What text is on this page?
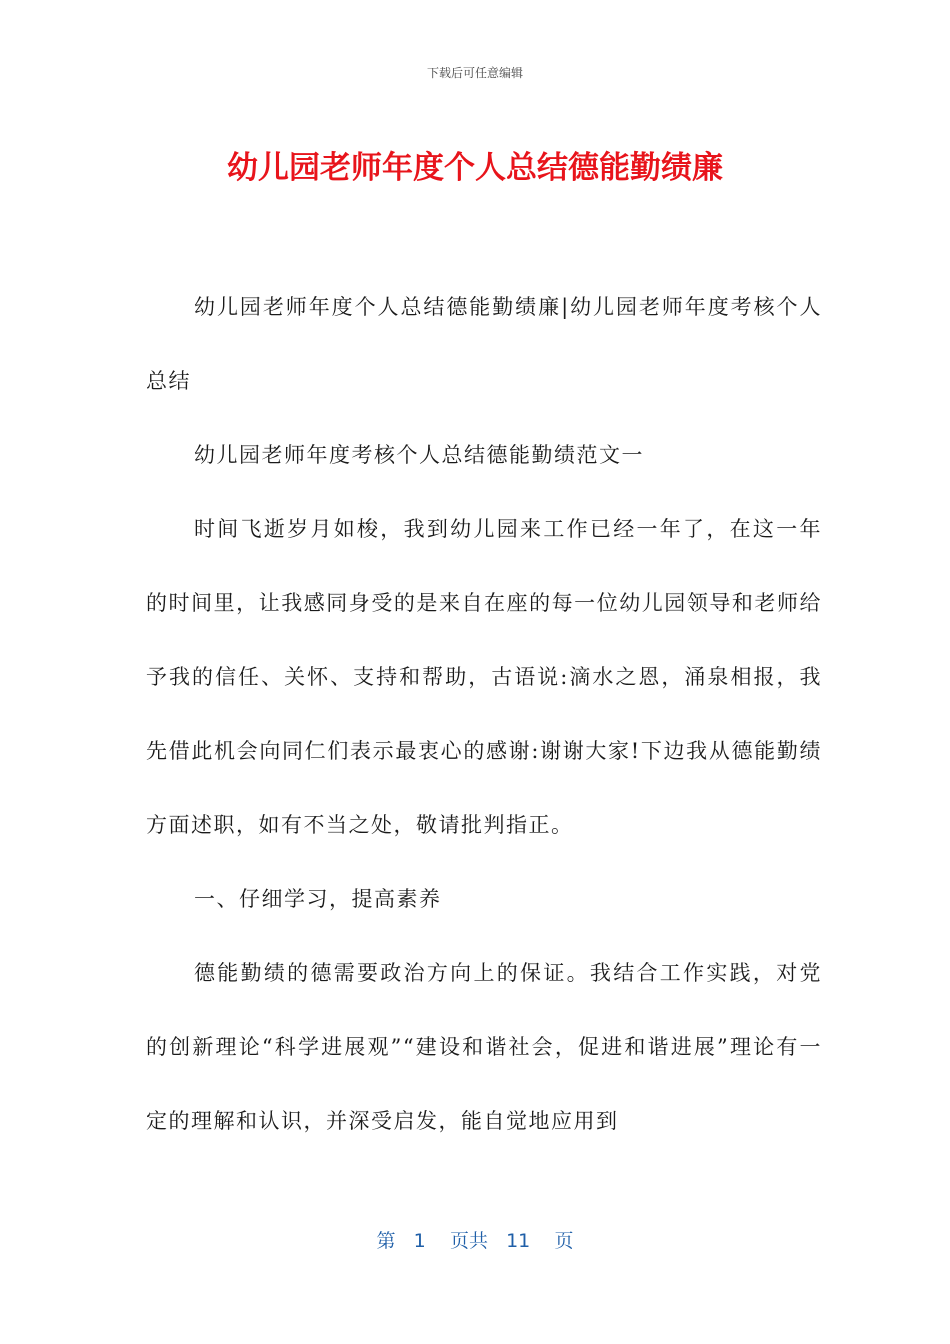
下载后可任意编辑
幼儿园老师年度个人总结德能勤绩廉

幼儿园老师年度个人总结德能勤绩廉|幼儿园老师年度考核个人总结

幼儿园老师年度考核个人总结德能勤绩范文一

时间飞逝岁月如梭，我到幼儿园来工作已经一年了，在这一年的时间里，让我感同身受的是来自在座的每一位幼儿园领导和老师给予我的信任、关怀、支持和帮助，古语说:滴水之恩，涌泉相报，我先借此机会向同仁们表示最衷心的感谢:谢谢大家!下边我从德能勤绩方面述职，如有不当之处，敬请批判指正。

一、仔细学习，提高素养

德能勤绩的德需要政治方向上的保证。我结合工作实践，对党的创新理论“科学进展观”“建设和谐社会，促进和谐进展”理论有一定的理解和认识，并深受启发，能自觉地应用到

第 1 页共 11 页
